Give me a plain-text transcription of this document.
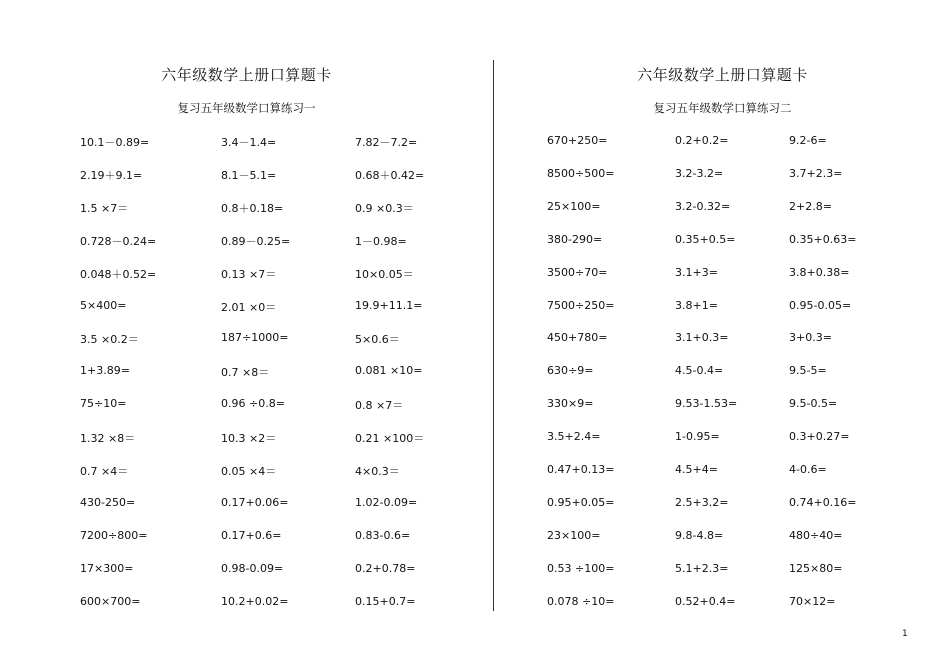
六年级数学上册口算题卡
复习五年级数学口算练习一
10.1－0.89=	3.4－1.4=	7.82－7.2=
2.19＋9.1=	8.1－5.1=	0.68＋0.42=
1.5 ×7＝	0.8＋0.18=	0.9 ×0.3＝
0.728－0.24=	0.89－0.25=	1－0.98=
0.048＋0.52=	0.13 ×7＝	10×0.05＝
5×400=	2.01 ×0＝	19.9+11.1=
3.5 ×0.2＝	187÷1000=	5×0.6＝
1+3.89=	0.7 ×8＝	0.081 ×10=
75÷10=	0.96 ÷0.8=	0.8 ×7＝
1.32 ×8＝	10.3 ×2＝	0.21 ×100＝
0.7 ×4＝	0.05 ×4＝	4×0.3＝
430-250=	0.17+0.06=	1.02-0.09=
7200÷800=	0.17+0.6=	0.83-0.6=
17×300=	0.98-0.09=	0.2+0.78=
600×700=	10.2+0.02=	0.15+0.7=
六年级数学上册口算题卡
复习五年级数学口算练习二
670+250=	0.2+0.2=	9.2-6=
8500÷500=	3.2-3.2=	3.7+2.3=
25×100=	3.2-0.32=	2+2.8=
380-290=	0.35+0.5=	0.35+0.63=
3500÷70=	3.1+3=	3.8+0.38=
7500÷250=	3.8+1=	0.95-0.05=
450+780=	3.1+0.3=	3+0.3=
630÷9=	4.5-0.4=	9.5-5=
330×9=	9.53-1.53=	9.5-0.5=
3.5+2.4=	1-0.95=	0.3+0.27=
0.47+0.13=	4.5+4=	4-0.6=
0.95+0.05=	2.5+3.2=	0.74+0.16=
23×100=	9.8-4.8=	480÷40=
0.53 ÷100=	5.1+2.3=	125×80=
0.078 ÷10=	0.52+0.4=	70×12=
1
